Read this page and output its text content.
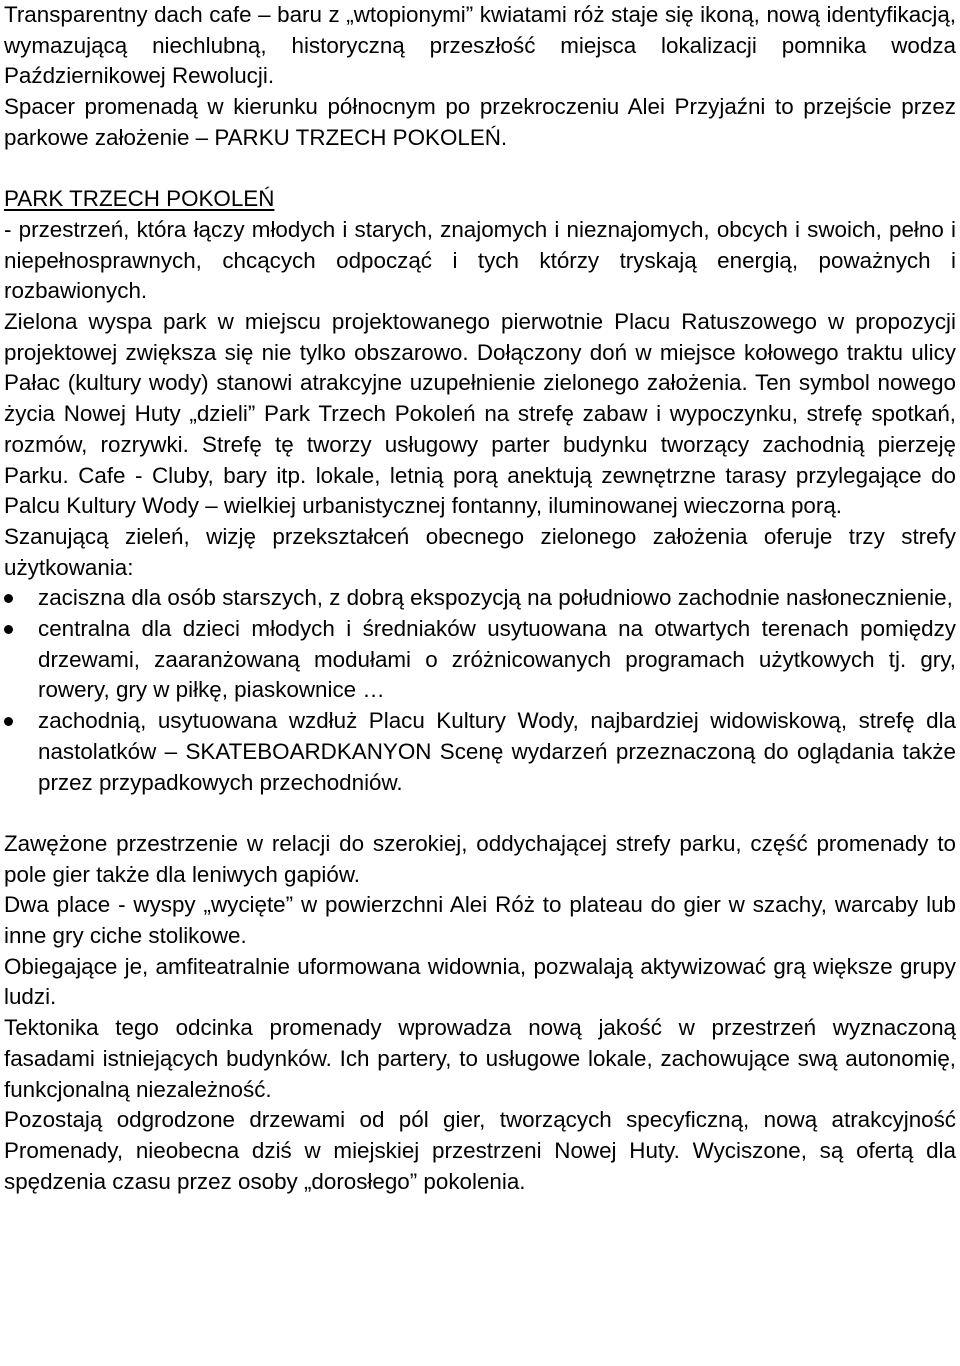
Transparentny dach cafe – baru z „wtopionymi” kwiatami róż staje się ikoną, nową identyfikacją, wymazującą niechlubną, historyczną przeszłość miejsca lokalizacji pomnika wodza Październikowej Rewolucji.

Spacer promenadą w kierunku północnym po przekroczeniu Alei Przyjaźni to przejście przez parkowe założenie – PARKU TRZECH POKOLEŃ.

PARK TRZECH POKOLEŃ

- przestrzeń, która łączy młodych i starych, znajomych i nieznajomych, obcych i swoich, pełno i niepełnosprawnych, chcących odpocząć i tych którzy tryskają energią, poważnych i rozbawionych.

Zielona wyspa park w miejscu projektowanego pierwotnie Placu Ratuszowego w propozycji projektowej zwiększa się nie tylko obszarowo. Dołączony doń w miejsce kołowego traktu ulicy Pałac (kultury wody) stanowi atrakcyjne uzupełnienie zielonego założenia. Ten symbol nowego życia Nowej Huty „dzieli” Park Trzech Pokoleń na strefę zabaw i wypoczynku, strefę spotkań, rozmów, rozrywki. Strefę tę tworzy usługowy parter budynku tworzący zachodnią pierzeję Parku. Cafe - Cluby, bary itp. lokale, letnią porą anektują zewnętrzne tarasy przylegające do Palcu Kultury Wody – wielkiej urbanistycznej fontanny, iluminowanej wieczorna porą.

Szanującą zieleń, wizję przekształceń obecnego zielonego założenia oferuje trzy strefy użytkowania:

zaciszna dla osób starszych, z dobrą ekspozycją na południowo zachodnie nasłonecznienie,
centralna dla dzieci młodych i średniaków usytuowana na otwartych terenach pomiędzy drzewami, zaaranżowaną modułami o zróżnicowanych programach użytkowych tj. gry, rowery, gry w piłkę, piaskownice …
zachodnią, usytuowana wzdłuż Placu Kultury Wody, najbardziej widowiskową, strefę dla nastolatków – SKATEBOARDKANYON Scenę wydarzeń przeznaczoną do oglądania także przez przypadkowych przechodniów.

Zawężone przestrzenie w relacji do szerokiej, oddychającej strefy parku, część promenady to pole gier także dla leniwych gapiów.

Dwa place - wyspy „wycięte” w powierzchni Alei Róż to plateau do gier w szachy, warcaby lub inne gry ciche stolikowe.

Obiegające je, amfiteatralnie uformowana widownia, pozwalają aktywizować grą większe grupy ludzi.

Tektonika tego odcinka promenady wprowadza nową jakość w przestrzeń wyznaczoną fasadami istniejących budynków. Ich partery, to usługowe lokale, zachowujące swą autonomię, funkcjonalną niezależność.

Pozostają odgrodzone drzewami od pól gier, tworzących specyficzną, nową atrakcyjność Promenady, nieobecna dziś w miejskiej przestrzeni Nowej Huty. Wyciszone, są ofertą dla spędzenia czasu przez osoby „dorosłego” pokolenia.
